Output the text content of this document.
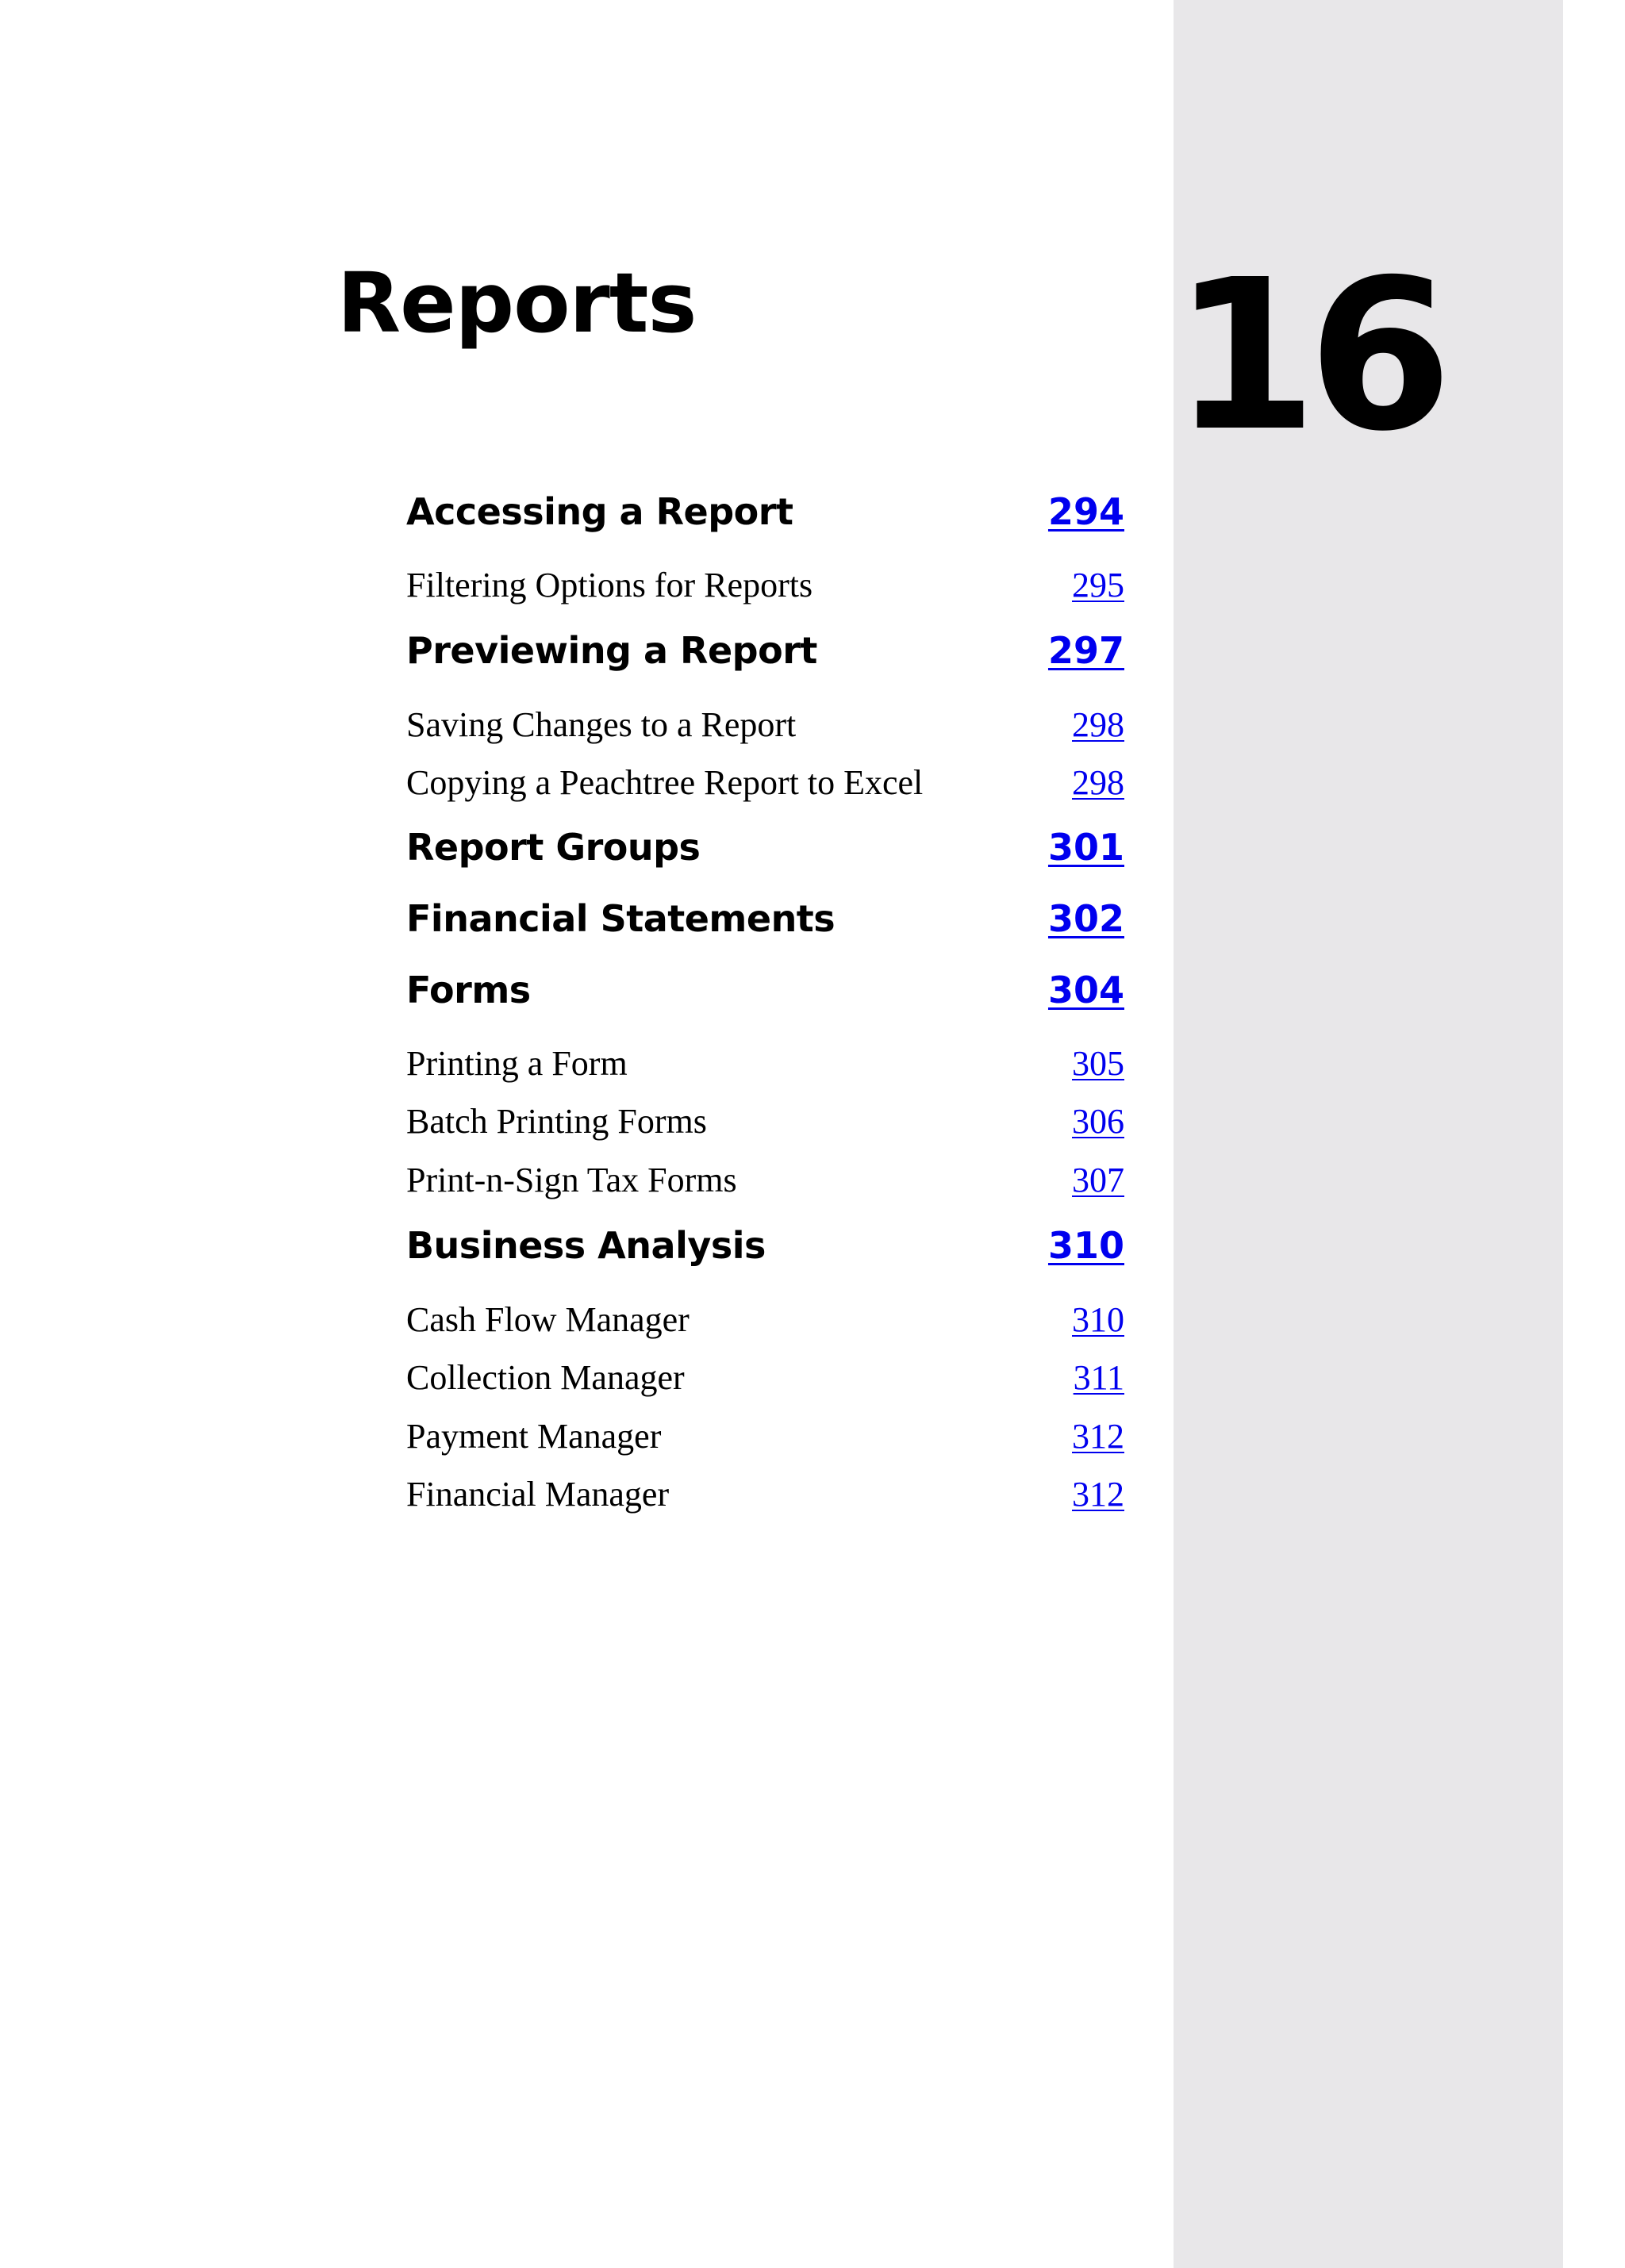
Reports 16
Accessing a Report	294
Filtering Options for Reports	295
Previewing a Report	297
Saving Changes to a Report	298
Copying a Peachtree Report to Excel	298
Report Groups	301
Financial Statements	302
Forms	304
Printing a Form	305
Batch Printing Forms	306
Print-n-Sign Tax Forms	307
Business Analysis	310
Cash Flow Manager	310
Collection Manager	311
Payment Manager	312
Financial Manager	312
